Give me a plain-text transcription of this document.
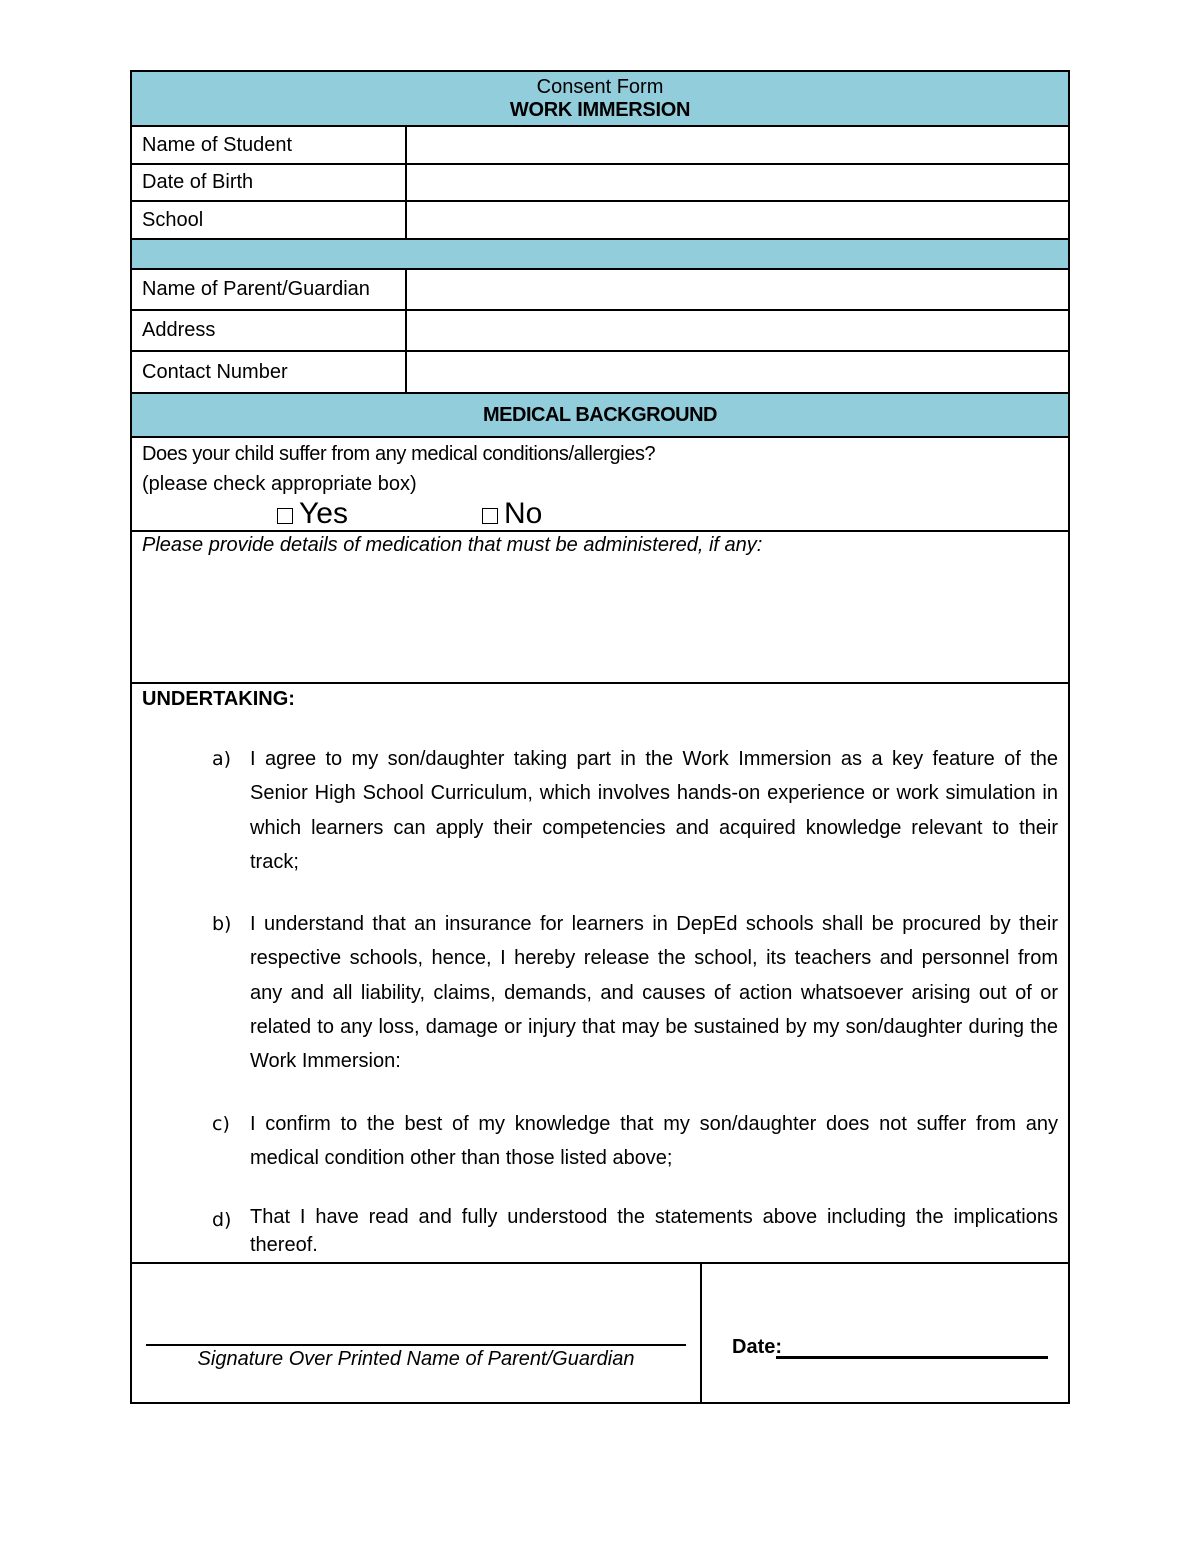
Consent Form
WORK IMMERSION
Name of Student
Date of Birth
School
Name of Parent/Guardian
Address
Contact Number
MEDICAL BACKGROUND
Does your child suffer from any medical conditions/allergies?
(please check appropriate box)
Yes	No
Please provide details of medication that must be administered, if any:
UNDERTAKING:
a) I agree to my son/daughter taking part in the Work Immersion as a key feature of the Senior High School Curriculum, which involves hands-on experience or work simulation in which learners can apply their competencies and acquired knowledge relevant to their track;
b) I understand that an insurance for learners in DepEd schools shall be procured by their respective schools, hence, I hereby release the school, its teachers and personnel from any and all liability, claims, demands, and causes of action whatsoever arising out of or related to any loss, damage or injury that may be sustained by my son/daughter during the Work Immersion:
c)	I confirm to the best of my knowledge that my son/daughter does not suffer from any medical condition other than those listed above;
d) That I have read and fully understood the statements above including the implications thereof.
Signature Over Printed Name of Parent/Guardian
Date:
